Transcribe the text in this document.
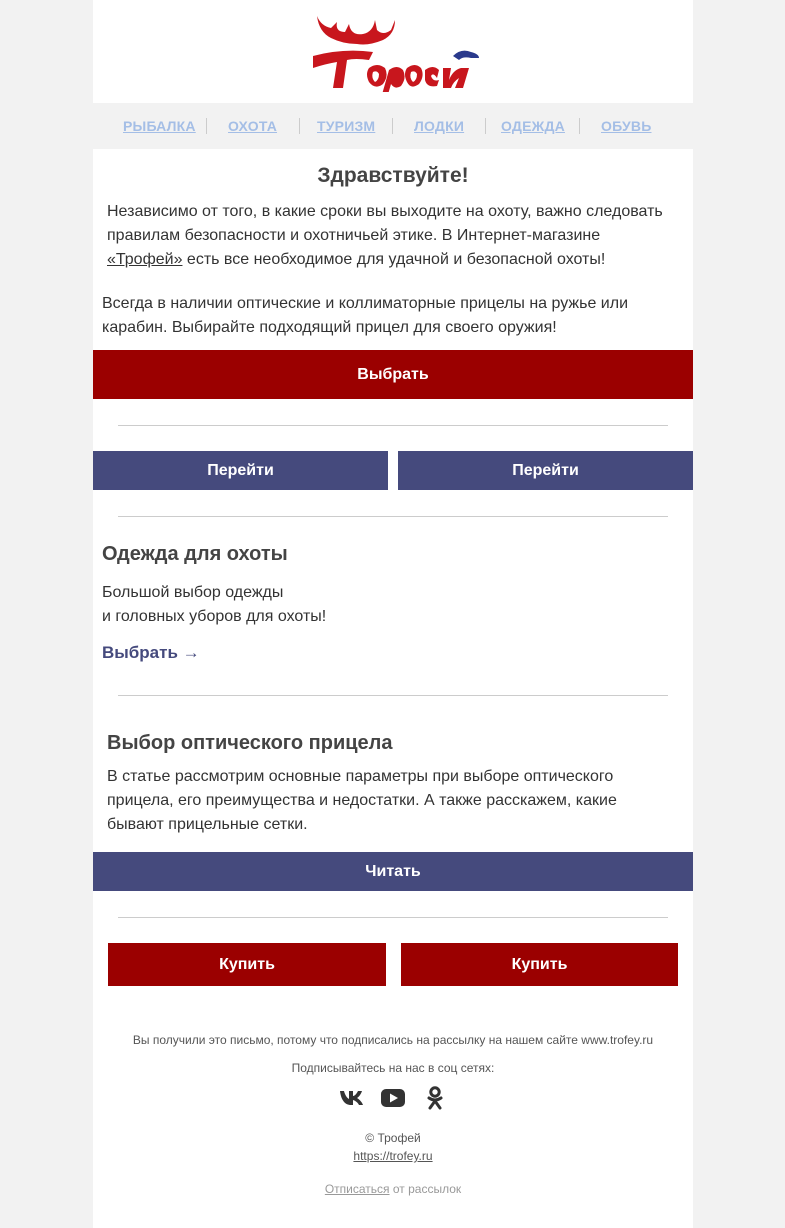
РЫБАЛКА ОХОТА	ТУРИЗМ	ЛОДКИ	ОДЕЖДА	ОБУВЬ
Здравствуйте!

Независимо от того, в какие сроки вы выходите на охоту, важно следовать правилам безопасности и охотничьей этике. В Интернет-магазине «Трофей» есть все необходимое для удачной и безопасной охоты!

Всегда в наличии оптические и коллиматорные прицелы на ружье или карабин. Выбирайте подходящий прицел для своего оружия!

Выбрать
Перейти	Перейти
Одежда для охоты
Большой выбор одежды
и головных уборов для охоты!
Выбрать →
Выбор оптического прицела

В статье рассмотрим основные параметры при выборе оптического прицела, его преимущества и недостатки. А также расскажем, какие бывают прицельные сетки.

Читать
Купить	Купить
Вы получили это письмо, потому что подписались на рассылку на нашем сайте www.trofey.ru
Подписывайтесь на нас в соц сетях:
© Трофей
https://trofey.ru
Отписаться от рассылок
